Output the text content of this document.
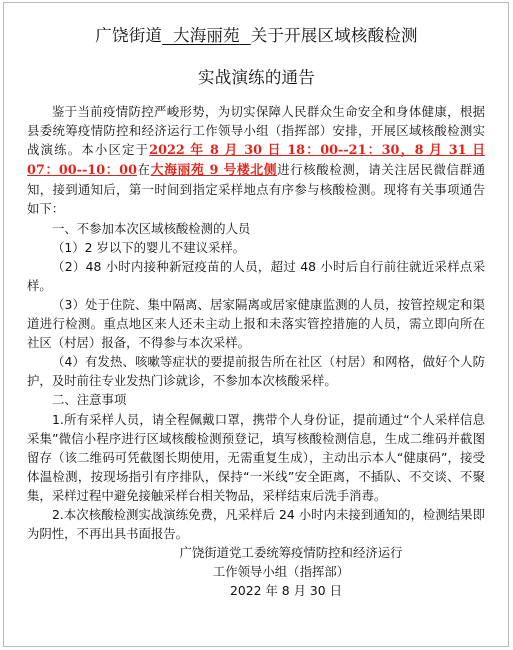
广饶街道 大海丽苑 关于开展区域核酸检测
实战演练的通告

鉴于当前疫情防控严峻形势，为切实保障人民群众生命安全和身体健康，根据县委统筹疫情防控和经济运行工作领导小组（指挥部）安排，开展区域核酸检测实战演练。本小区定于2022 年 8 月 30 日 18：00--21：30，8 月 31 日 07：00--10：00在大海丽苑 9 号楼北侧进行核酸检测，请关注居民微信群通知，接到通知后，第一时间到指定采样地点有序参与核酸检测。现将有关事项通告如下：

一、不参加本次区域核酸检测的人员

（1）2 岁以下的婴儿不建议采样。

（2）48 小时内接种新冠疫苗的人员，超过 48 小时后自行前往就近采样点采样。

（3）处于住院、集中隔离、居家隔离或居家健康监测的人员，按管控规定和渠道进行检测。重点地区来人还未主动上报和未落实管控措施的人员，需立即向所在社区（村居）报备，不得参与本次采样。

（4）有发热、咳嗽等症状的要提前报告所在社区（村居）和网格，做好个人防护，及时前往专业发热门诊就诊，不参加本次核酸采样。

二、注意事项

1.所有采样人员，请全程佩戴口罩，携带个人身份证，提前通过“个人采样信息采集”微信小程序进行区域核酸检测预登记，填写核酸检测信息，生成二维码并截图留存（该二维码可凭截图长期使用，无需重复生成），主动出示本人“健康码”，接受体温检测，按现场指引有序排队，保持“一米线”安全距离，不插队、不交谈、不聚集，采样过程中避免接触采样台相关物品，采样结束后洗手消毒。

2.本次核酸检测实战演练免费，凡采样后 24 小时内未接到通知的，检测结果即为阴性，不再出具书面报告。

广饶街道党工委统筹疫情防控和经济运行

工作领导小组（指挥部）

2022 年 8 月 30 日
